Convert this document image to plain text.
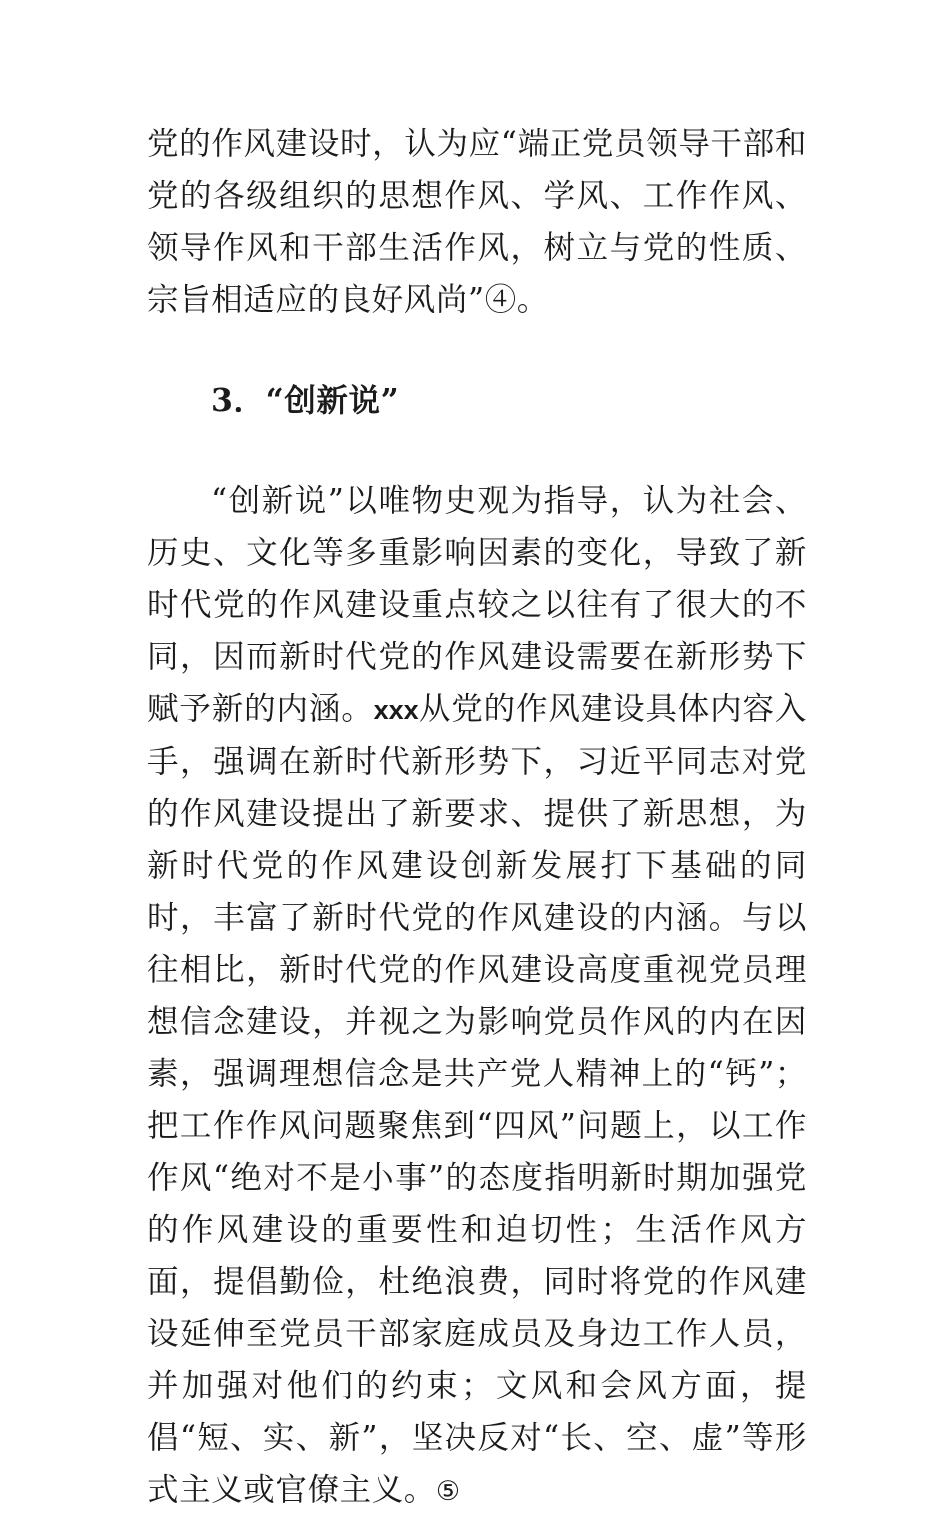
党的作风建设时，认为应“端正党员领导干部和党的各级组织的思想作风、学风、工作作风、领导作风和干部生活作风，树立与党的性质、宗旨相适应的良好风尚”④。

3．“创新说”

“创新说”以唯物史观为指导，认为社会、历史、文化等多重影响因素的变化，导致了新时代党的作风建设重点较之以往有了很大的不同，因而新时代党的作风建设需要在新形势下赋予新的内涵。xxx从党的作风建设具体内容入手，强调在新时代新形势下，习近平同志对党的作风建设提出了新要求、提供了新思想，为新时代党的作风建设创新发展打下基础的同时，丰富了新时代党的作风建设的内涵。与以往相比，新时代党的作风建设高度重视党员理想信念建设，并视之为影响党员作风的内在因素，强调理想信念是共产党人精神上的“钙”；把工作作风问题聚焦到“四风”问题上，以工作作风“绝对不是小事”的态度指明新时期加强党的作风建设的重要性和迫切性；生活作风方面，提倡勤俭，杜绝浪费，同时将党的作风建设延伸至党员干部家庭成员及身边工作人员，并加强对他们的约束；文风和会风方面，提倡“短、实、新”，坚决反对“长、空、虚”等形式主义或官僚主义。⑤
